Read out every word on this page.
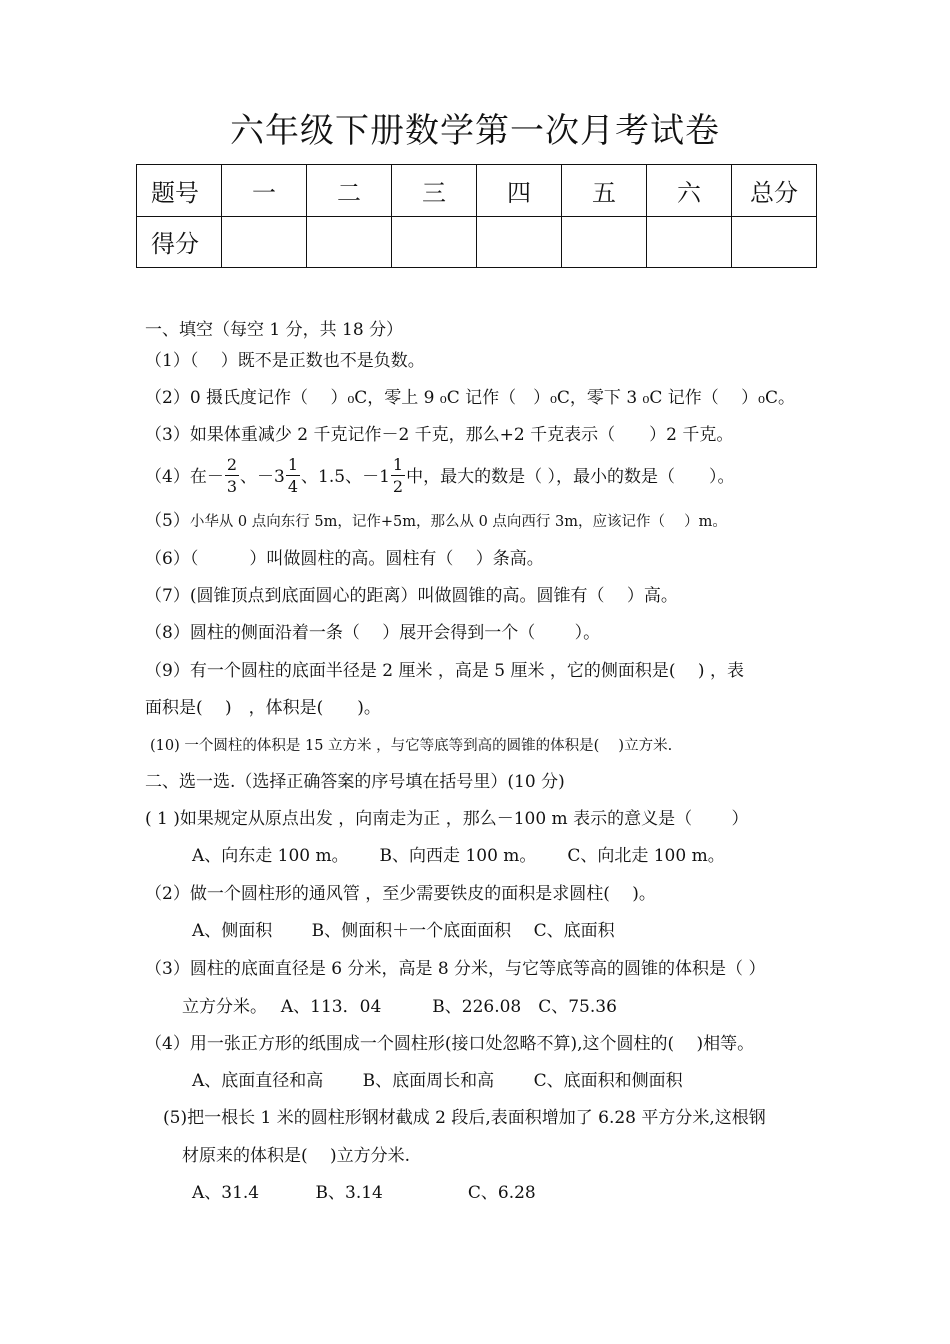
六年级下册数学第一次月考试卷
题号	一	二	三	四	五	六	总分
得分							
一、填空（每空 1 分，共 18 分）
（1）（　 ）既不是正数也不是负数。
（2）0 摄氏度记作（　 ）₀C，零上 9 ₀C 记作（　）₀C，零下 3 ₀C 记作（　 ）₀C。
（3）如果体重减少 2 千克记作－2 千克，那么+2 千克表示（　　）2 千克。
（4）在－ $\frac{2}{3}$ 、$-3 \frac{1}{4}$ 、1.5、$-1 \frac{1}{2}$ 中，最大的数是（ ），最小的数是（　　）。
（5）小华从 0 点向东行 5m，记作+5m，那么从 0 点向西行 3m，应该记作（　 ）m。
（6）（　　　）叫做圆柱的高。圆柱有（　 ）条高。
（7）(圆锥顶点到底面圆心的距离）叫做圆锥的高。圆锥有（　 ）高。
（8）圆柱的侧面沿着一条（　 ）展开会得到一个（　　 ）。
（9）有一个圆柱的底面半径是 2 厘米 ，高是 5 厘米 ，它的侧面积是(　 ) ，表
面积是(　 )　，体积是(　　)。
(10) 一个圆柱的体积是 15 立方米 ，与它等底等到高的圆锥的体积是(　 )立方米.
二、选一选.（选择正确答案的序号填在括号里）(10 分)
( 1 )如果规定从原点出发 ，向南走为正 ，那么－100 m 表示的意义是（　　 ）
A、向东走 100 m。　　 B、向西走 100 m。　　 C、向北走 100 m。
（2）做一个圆柱形的通风管 ，至少需要铁皮的面积是求圆柱(　 )。
A、侧面积　　 B、侧面积＋一个底面面积　 C、底面积
（3）圆柱的底面直径是 6 分米，高是 8 分米，与它等底等高的圆锥的体积是（ ）
立方分米。　 A、113．04　　　B、226.08　C、75.36
（4）用一张正方形的纸围成一个圆柱形(接口处忽略不算),这个圆柱的(　 )相等。
A、底面直径和高　　 B、底面周长和高　　 C、底面积和侧面积
(5)把一根长 1 米的圆柱形钢材截成 2 段后,表面积增加了 6.28 平方分米,这根钢
材原来的体积是(　 )立方分米.
A、31.4　　　 B、3.14　　　　　C、6.28
